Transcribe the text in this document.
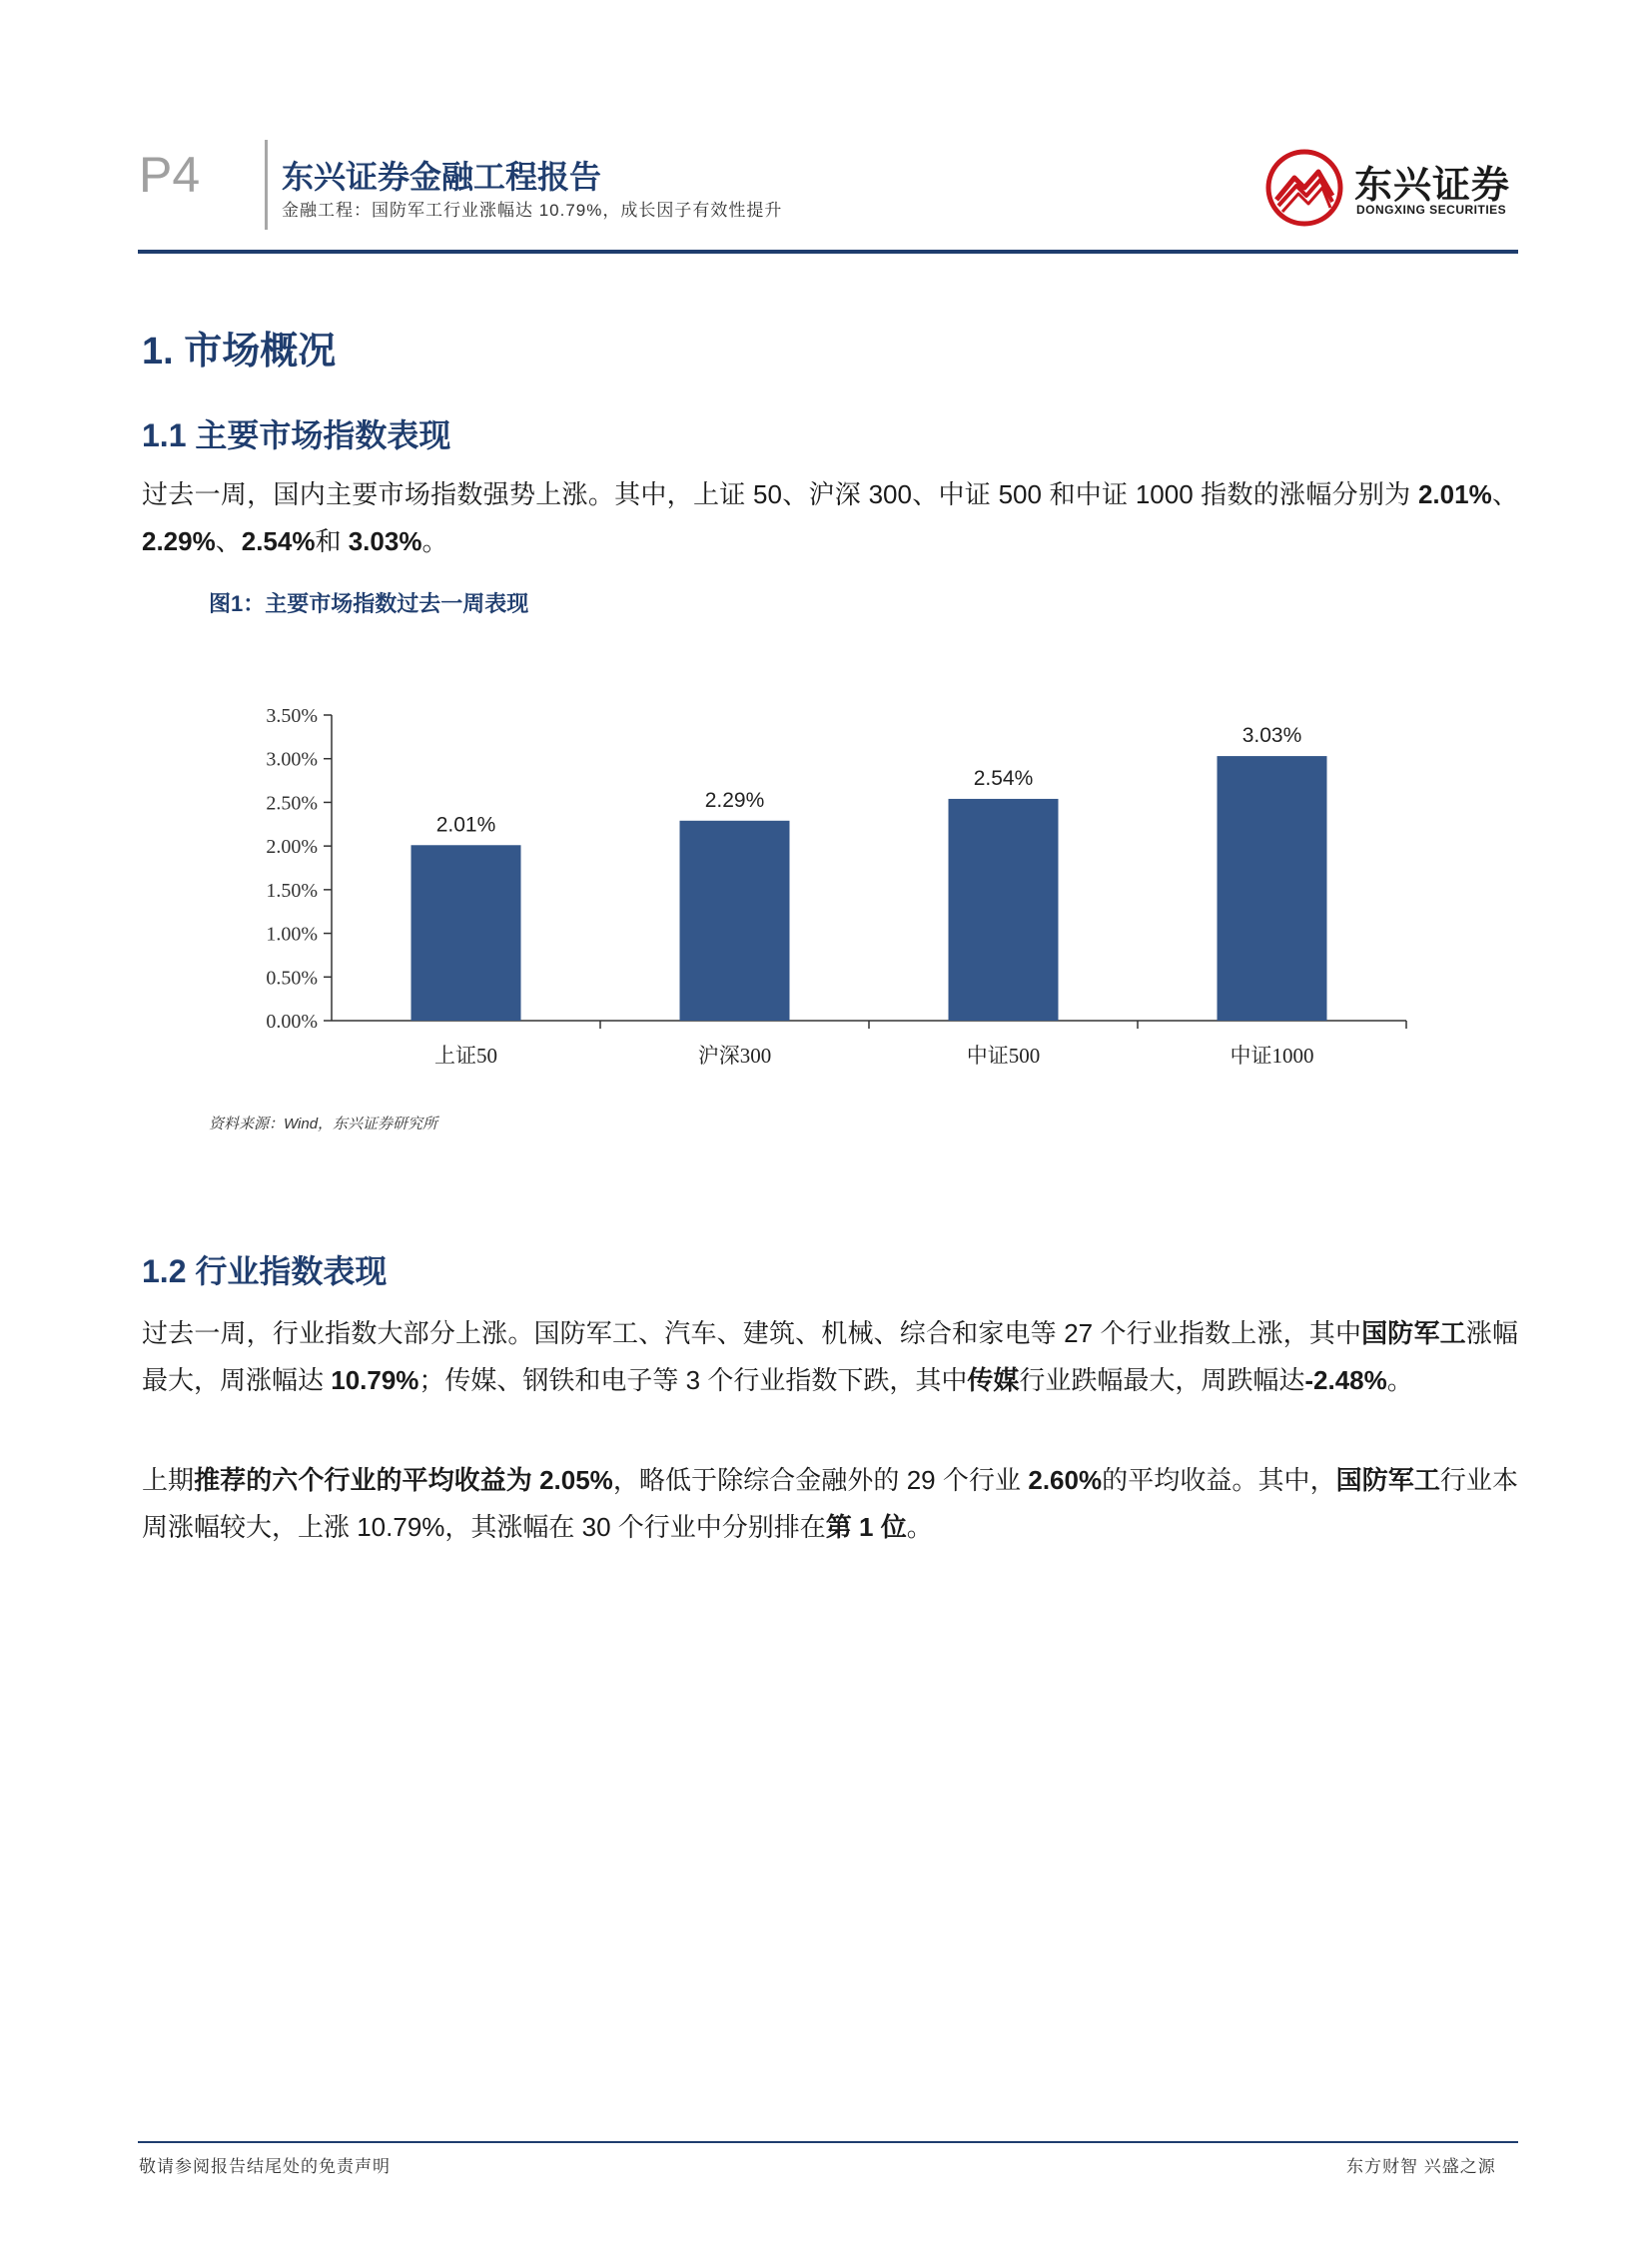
P4	东兴证券金融工程报告
金融工程：国防军工行业涨幅达 10.79%，成长因子有效性提升
东兴证券
DONGXING SECURITIES
1. 市场概况
1.1 主要市场指数表现
过去一周，国内主要市场指数强势上涨。其中，上证 50、沪深 300、中证 500 和中证 1000 指数的涨幅分别为 2.01%、2.29%、2.54%和 3.03%。
图1：主要市场指数过去一周表现
0.00%
0.50%
1.00%
1.50%
2.00%
2.50%
3.00%
3.50%
2.01%
上证50
2.29%
沪深300
2.54%
中证500
3.03%
中证1000
资料来源：Wind，东兴证券研究所
1.2 行业指数表现
过去一周，行业指数大部分上涨。国防军工、汽车、建筑、机械、综合和家电等 27 个行业指数上涨，其中国防军工涨幅最大，周涨幅达 10.79%；传媒、钢铁和电子等 3 个行业指数下跌，其中传媒行业跌幅最大，周跌幅达-2.48%。
上期推荐的六个行业的平均收益为 2.05%，略低于除综合金融外的 29 个行业 2.60%的平均收益。其中，国防军工行业本周涨幅较大，上涨 10.79%，其涨幅在 30 个行业中分别排在第 1 位。
敬请参阅报告结尾处的免责声明	东方财智 兴盛之源
